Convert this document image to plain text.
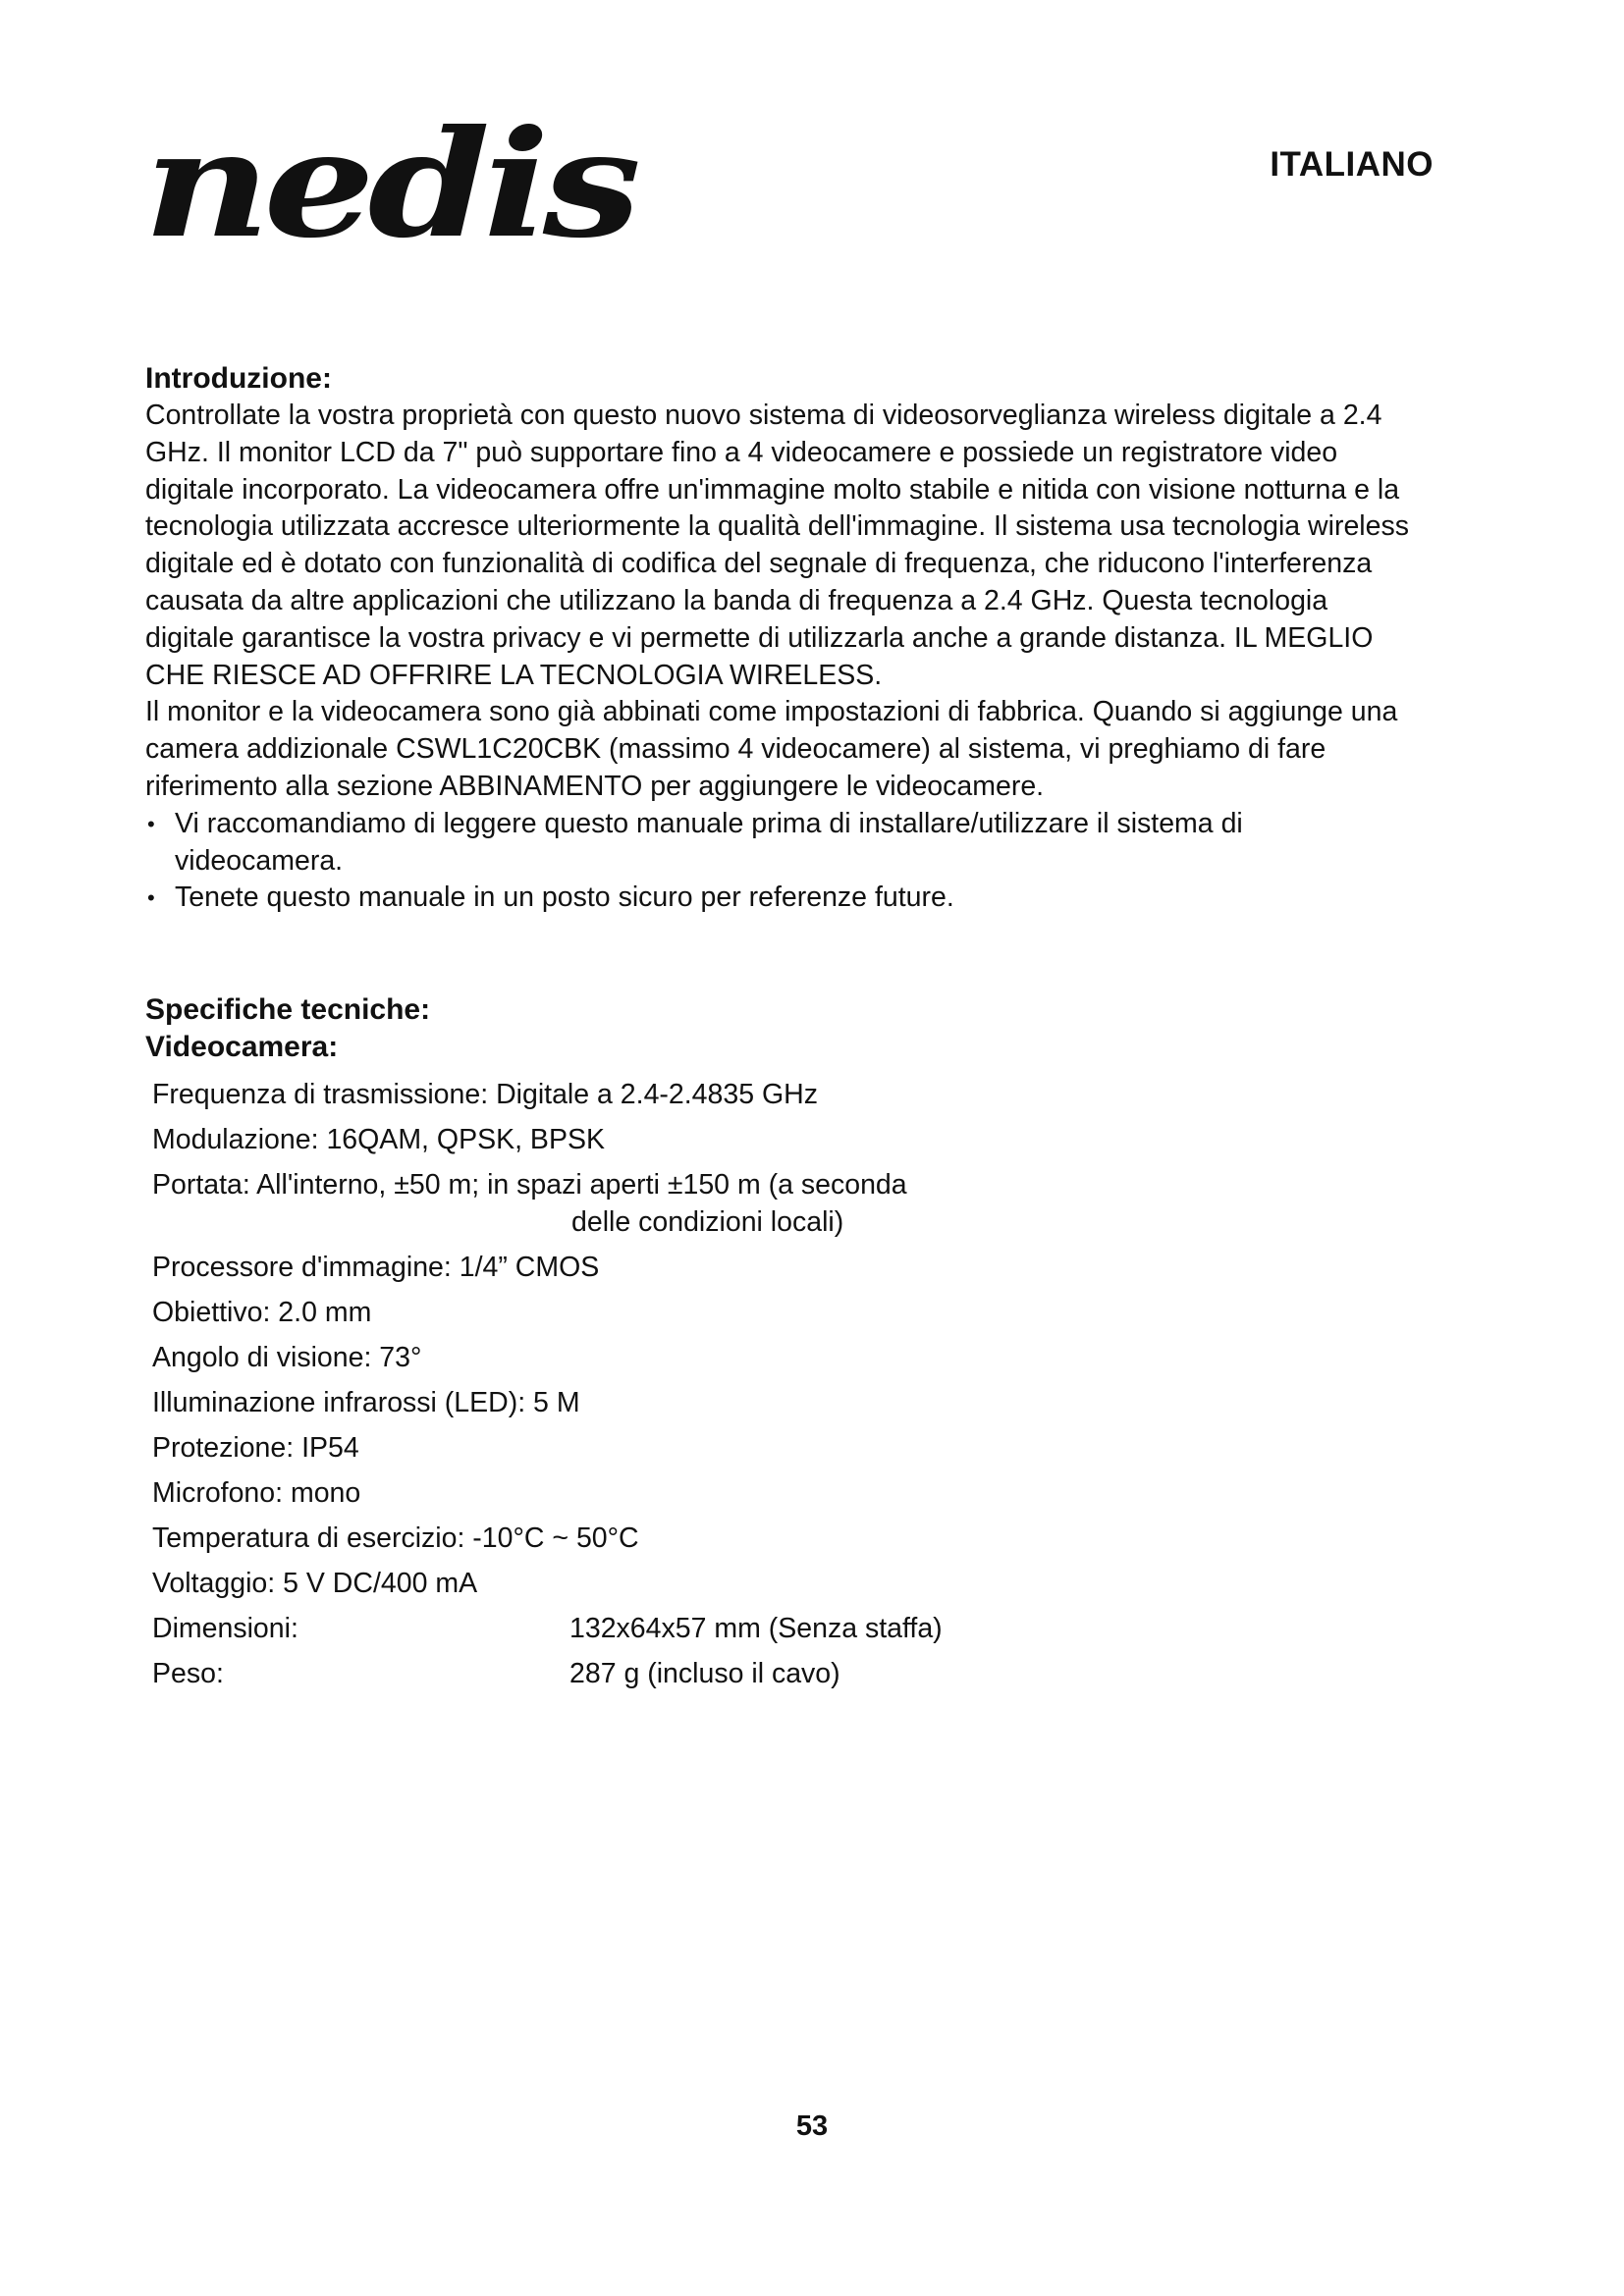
nedis	ITALIANO
Introduzione:

Controllate la vostra proprietà con questo nuovo sistema di videosorveglianza wireless digitale a 2.4 GHz. Il monitor LCD da 7" può supportare fino a 4 videocamere e possiede un registratore video digitale incorporato. La videocamera offre un'immagine molto stabile e nitida con visione notturna e la tecnologia utilizzata accresce ulteriormente la qualità dell'immagine. Il sistema usa tecnologia wireless digitale ed è dotato con funzionalità di codifica del segnale di frequenza, che riducono l'interferenza causata da altre applicazioni che utilizzano la banda di frequenza a 2.4 GHz. Questa tecnologia digitale garantisce la vostra privacy e vi permette di utilizzarla anche a grande distanza. IL MEGLIO CHE RIESCE AD OFFRIRE LA TECNOLOGIA WIRELESS.

Il monitor e la videocamera sono già abbinati come impostazioni di fabbrica. Quando si aggiunge una camera addizionale CSWL1C20CBK (massimo 4 videocamere) al sistema, vi preghiamo di fare riferimento alla sezione ABBINAMENTO per aggiungere le videocamere.

• Vi raccomandiamo di leggere questo manuale prima di installare/utilizzare il sistema di videocamera.
• Tenete questo manuale in un posto sicuro per referenze future.
Specifiche tecniche:
Videocamera:
Frequenza di trasmissione: Digitale a 2.4-2.4835 GHz
Modulazione: 16QAM, QPSK, BPSK
Portata: All'interno, ±50 m; in spazi aperti ±150 m (a seconda
delle condizioni locali)
Processore d'immagine: 1/4” CMOS
Obiettivo: 2.0 mm
Angolo di visione: 73°
Illuminazione infrarossi (LED): 5 M
Protezione: IP54
Microfono: mono
Temperatura di esercizio: -10°C ~ 50°C
Voltaggio: 5 V DC/400 mA
Dimensioni:	132x64x57 mm (Senza staffa)
Peso:	287 g (incluso il cavo)
53
